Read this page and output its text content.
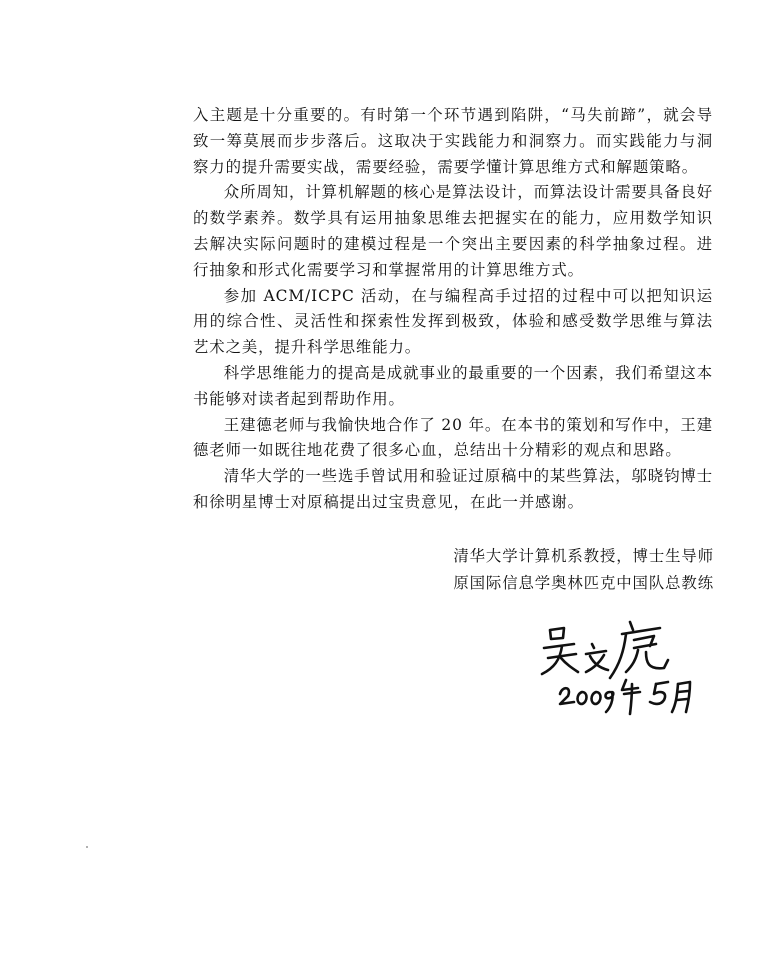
入主题是十分重要的。有时第一个环节遇到陷阱，“马失前蹄”，就会导致一筹莫展而步步落后。这取决于实践能力和洞察力。而实践能力与洞察力的提升需要实战，需要经验，需要学懂计算思维方式和解题策略。

众所周知，计算机解题的核心是算法设计，而算法设计需要具备良好的数学素养。数学具有运用抽象思维去把握实在的能力，应用数学知识去解决实际问题时的建模过程是一个突出主要因素的科学抽象过程。进行抽象和形式化需要学习和掌握常用的计算思维方式。

参加 ACM/ICPC 活动，在与编程高手过招的过程中可以把知识运用的综合性、灵活性和探索性发挥到极致，体验和感受数学思维与算法艺术之美，提升科学思维能力。

科学思维能力的提高是成就事业的最重要的一个因素，我们希望这本书能够对读者起到帮助作用。

王建德老师与我愉快地合作了 20 年。在本书的策划和写作中，王建德老师一如既往地花费了很多心血，总结出十分精彩的观点和思路。

清华大学的一些选手曾试用和验证过原稿中的某些算法，邬晓钧博士和徐明星博士对原稿提出过宝贵意见，在此一并感谢。

清华大学计算机系教授，博士生导师
原国际信息学奥林匹克中国队总教练
